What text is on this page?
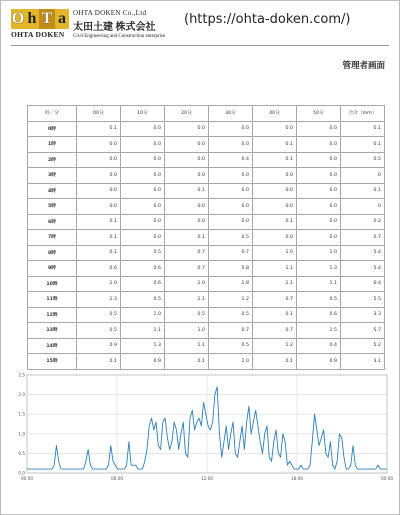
O h T a
OHTA DOKEN
OHTA DOKEN Co.,Ltd
太田土建 株式会社
Civil Engineering and Construction enterprise
(https://ohta-doken.com/)
管理者画面
時／分	00分	10分	20分	30分	40分	50分	合計（mm）
0時	0.1	0.0	0.0	0.0	0.0	0.0	0.1
1時	0.0	0.0	0.0	0.0	0.1	0.0	0.1
2時	0.0	0.0	0.0	0.4	0.1	0.0	0.5
3時	0.0	0.0	0.0	0.0	0.0	0.0	0
4時	0.0	0.0	0.1	0.0	0.0	0.0	0.1
5時	0.0	0.0	0.0	0.0	0.0	0.0	0
6時	0.1	0.0	0.0	0.0	0.1	0.0	0.2
7時	0.1	0.0	0.1	0.5	0.0	0.0	0.7
8時	0.1	0.5	0.7	0.7	1.0	1.0	5.4
9時	0.6	0.6	0.7	0.8	1.1	1.3	5.4
10時	1.0	0.6	1.0	1.8	1.1	1.1	6.4
11時	1.3	0.5	1.1	1.2	0.7	0.5	5.5
12時	0.5	1.0	0.5	0.5	0.1	0.6	3.3
13時	0.5	1.1	1.0	0.7	0.7	1.5	5.7
14時	0.9	1.3	1.1	0.5	1.2	0.4	5.2
15時	0.1	0.9	0.1	1.0	0.1	0.9	3.1
0.0
0.5
1.0
1.5
2.0
2.5
00:00	06:00	12:00	18:00	00:00
